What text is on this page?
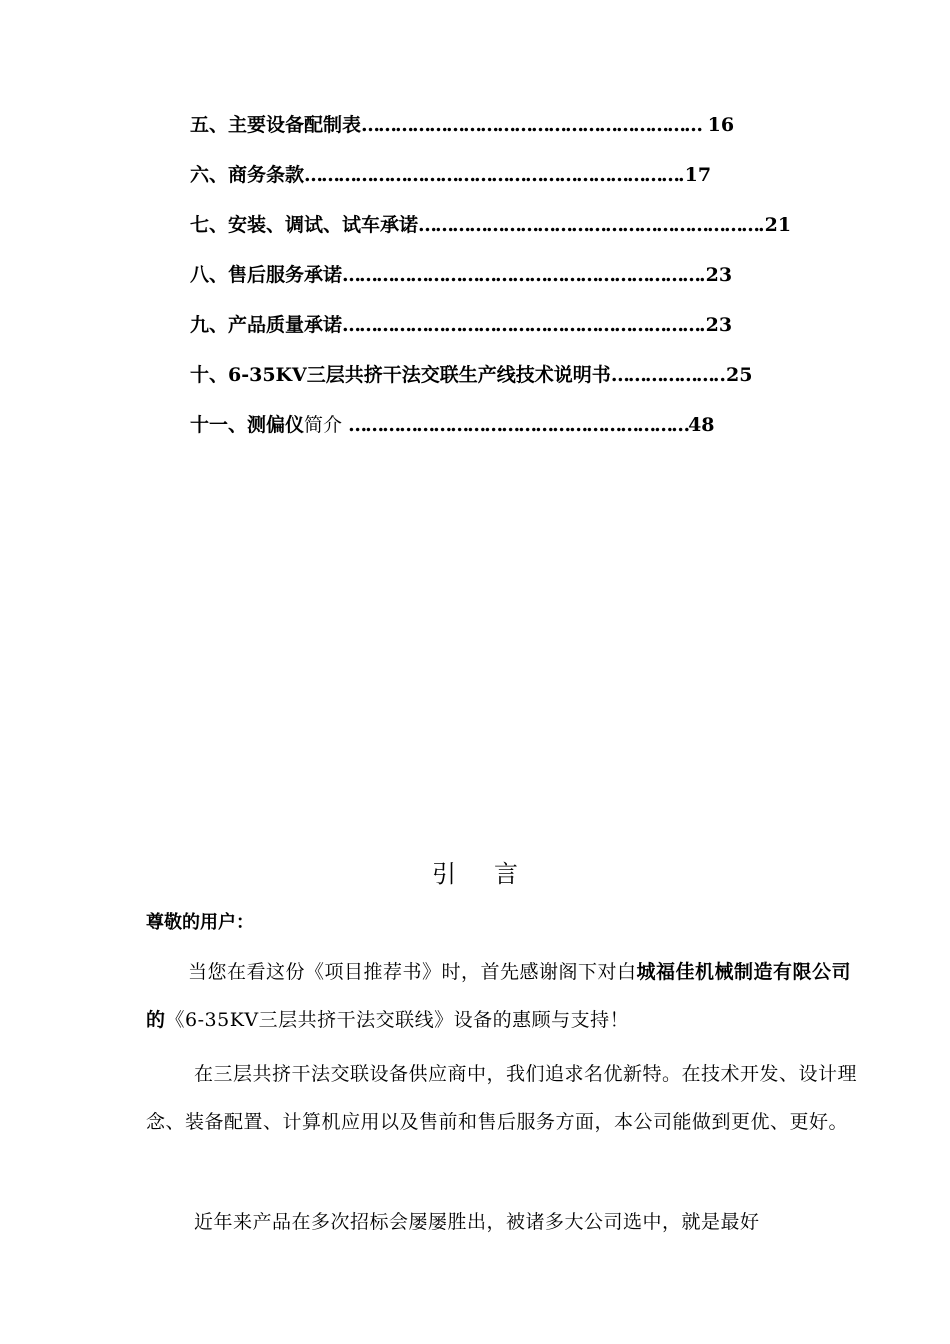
五、主要设备配制表…………………………………………………… 16
六、商务条款………………………………………………………….17
七、安装、调试、试车承诺…………………………………………………….21
八、售后服务承诺……………………………………………………….23
九、产品质量承诺……………………………………………………….23
十、6-35KV三层共挤干法交联生产线技术说明书………………..25
十一、测偏仪简介 ……………………………………………………48
引言
尊敬的用户：
当您在看这份《项目推荐书》时，首先感谢阁下对白城福佳机械制造有限公司的《6-35KV三层共挤干法交联线》设备的惠顾与支持！
在三层共挤干法交联设备供应商中，我们追求名优新特。在技术开发、设计理念、装备配置、计算机应用以及售前和售后服务方面，本公司能做到更优、更好。
近年来产品在多次招标会屡屡胜出，被诸多大公司选中，就是最好
